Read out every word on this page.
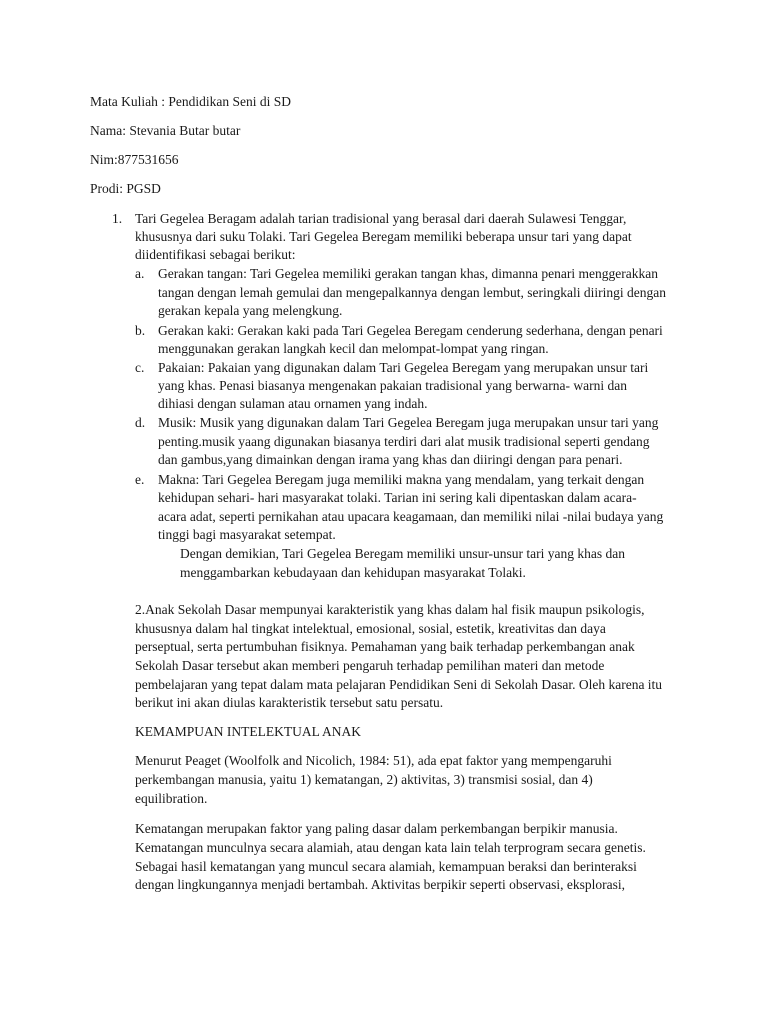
Mata Kuliah : Pendidikan Seni di SD
Nama: Stevania Butar butar
Nim:877531656
Prodi: PGSD
1. Tari Gegelea Beragam adalah tarian tradisional yang berasal dari daerah Sulawesi Tenggar,
khususnya dari suku Tolaki. Tari Gegelea Beregam memiliki beberapa unsur tari yang dapat
diidentifikasi sebagai berikut:
a. Gerakan tangan: Tari Gegelea memiliki gerakan tangan khas, dimanna penari menggerakkan
tangan dengan lemah gemulai dan mengepalkannya dengan lembut, seringkali diiringi dengan
gerakan kepala yang melengkung.
b. Gerakan kaki: Gerakan kaki pada Tari Gegelea Beregam cenderung sederhana, dengan penari
menggunakan gerakan langkah kecil dan melompat-lompat yang ringan.
c. Pakaian: Pakaian yang digunakan dalam Tari Gegelea Beregam yang merupakan unsur tari
yang khas. Penasi biasanya mengenakan pakaian tradisional yang berwarna- warni dan
dihiasi dengan sulaman atau ornamen yang indah.
d. Musik: Musik yang digunakan dalam Tari Gegelea Beregam juga merupakan unsur tari yang
penting.musik yaang digunakan biasanya terdiri dari alat musik tradisional seperti gendang
dan gambus,yang dimainkan dengan irama yang khas dan diiringi dengan para penari.
e. Makna: Tari Gegelea Beregam juga memiliki makna yang mendalam, yang terkait dengan
kehidupan sehari- hari masyarakat tolaki. Tarian ini sering kali dipentaskan dalam acara-
acara adat, seperti pernikahan atau upacara keagamaan, dan memiliki nilai -nilai budaya yang
tinggi bagi masyarakat setempat.
Dengan demikian, Tari Gegelea Beregam memiliki unsur-unsur tari yang khas dan
menggambarkan kebudayaan dan kehidupan masyarakat Tolaki.
2.Anak Sekolah Dasar mempunyai karakteristik yang khas dalam hal fisik maupun psikologis,
khususnya dalam hal tingkat intelektual, emosional, sosial, estetik, kreativitas dan daya
perseptual, serta pertumbuhan fisiknya. Pemahaman yang baik terhadap perkembangan anak
Sekolah Dasar tersebut akan memberi pengaruh terhadap pemilihan materi dan metode
pembelajaran yang tepat dalam mata pelajaran Pendidikan Seni di Sekolah Dasar. Oleh karena itu
berikut ini akan diulas karakteristik tersebut satu persatu.
KEMAMPUAN INTELEKTUAL ANAK
Menurut Peaget (Woolfolk and Nicolich, 1984: 51), ada epat faktor yang mempengaruhi
perkembangan manusia, yaitu 1) kematangan, 2) aktivitas, 3) transmisi sosial, dan 4)
equilibration.
Kematangan merupakan faktor yang paling dasar dalam perkembangan berpikir manusia.
Kematangan munculnya secara alamiah, atau dengan kata lain telah terprogram secara genetis.
Sebagai hasil kematangan yang muncul secara alamiah, kemampuan beraksi dan berinteraksi
dengan lingkungannya menjadi bertambah. Aktivitas berpikir seperti observasi, eksplorasi,
